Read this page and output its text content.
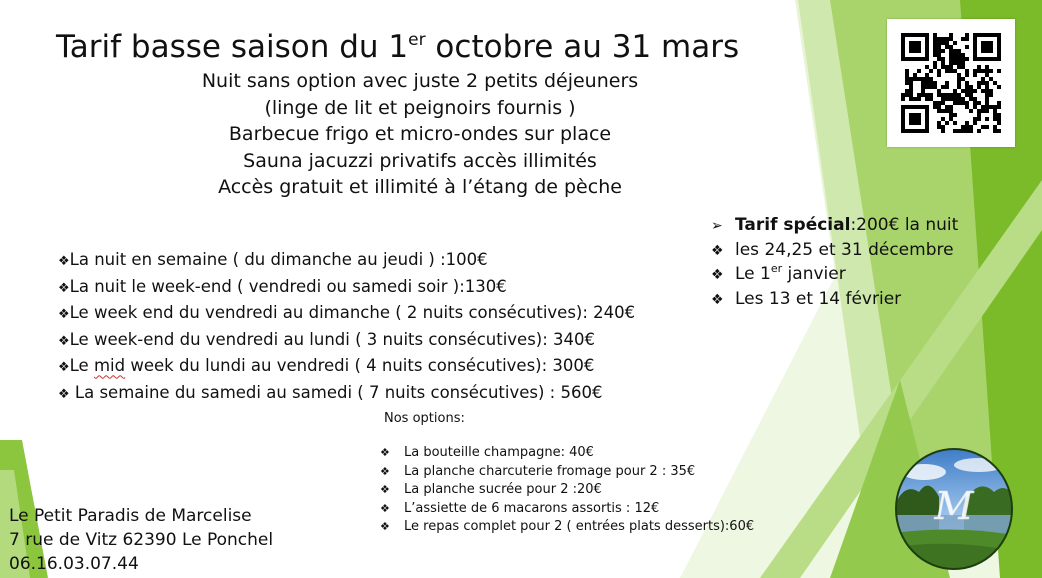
Tarif basse saison du 1er octobre au 31 mars
Nuit sans option avec juste 2 petits déjeuners
(linge de lit et peignoirs fournis )
Barbecue frigo et micro-ondes sur place
Sauna jacuzzi privatifs accès illimités
Accès gratuit et illimité à l’étang de pèche
➢ Tarif spécial:200€ la nuit
❖ les 24,25 et 31 décembre
❖ Le 1er janvier
❖ Les 13 et 14 février
❖La nuit en semaine ( du dimanche au jeudi ) :100€
❖La nuit le week-end ( vendredi ou samedi soir ):130€
❖Le week end du vendredi au dimanche ( 2 nuits consécutives): 240€
❖Le week-end du vendredi au lundi ( 3 nuits consécutives): 340€
❖Le mid week du lundi au vendredi ( 4 nuits consécutives): 300€
❖ La semaine du samedi au samedi ( 7 nuits consécutives) : 560€
Nos options:
❖ La bouteille champagne: 40€
❖ La planche charcuterie fromage pour 2 : 35€
❖ La planche sucrée pour 2 :20€
❖ L’assiette de 6 macarons assortis : 12€
❖ Le repas complet pour 2 ( entrées plats desserts):60€
Le Petit Paradis de Marcelise
7 rue de Vitz 62390 Le Ponchel
06.16.03.07.44
M
